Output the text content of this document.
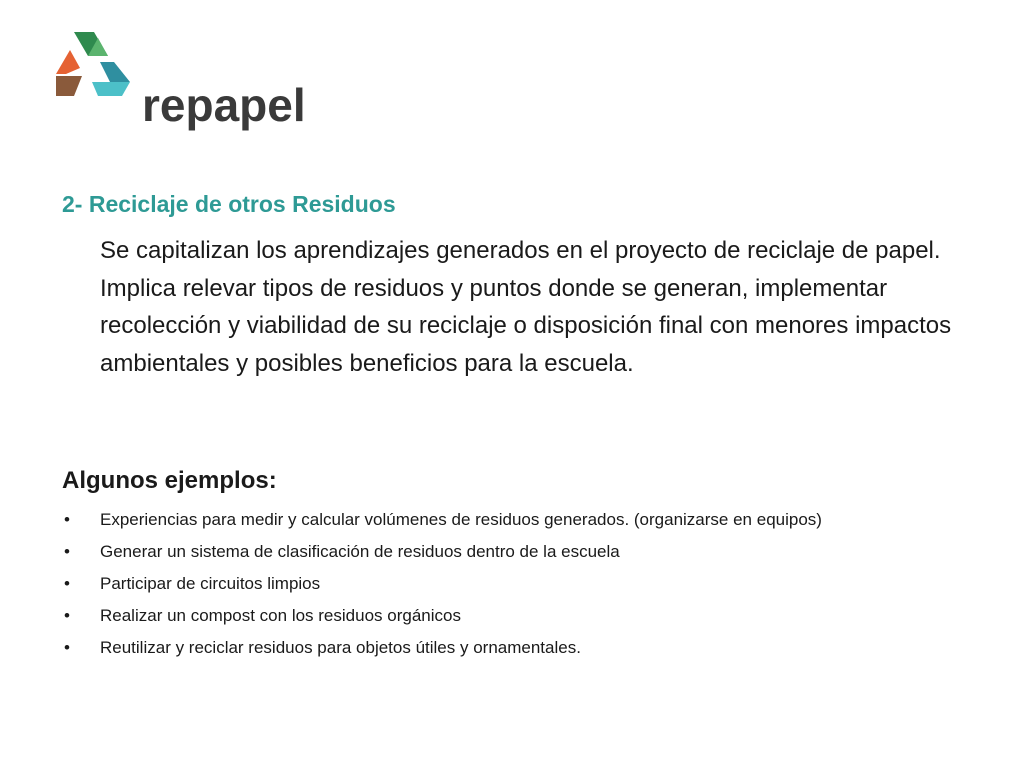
repapel
2- Reciclaje de otros Residuos
Se capitalizan los aprendizajes generados en el proyecto de reciclaje de papel. Implica relevar tipos de residuos y puntos donde se generan, implementar recolección y viabilidad de su reciclaje o disposición final con menores impactos ambientales y posibles beneficios para la escuela.
Algunos ejemplos:
• Experiencias para medir y calcular volúmenes de residuos generados. (organizarse en equipos)
• Generar un sistema de clasificación de residuos dentro de la escuela
• Participar de circuitos limpios
• Realizar un compost con los residuos orgánicos
• Reutilizar y reciclar residuos para objetos útiles y ornamentales.
